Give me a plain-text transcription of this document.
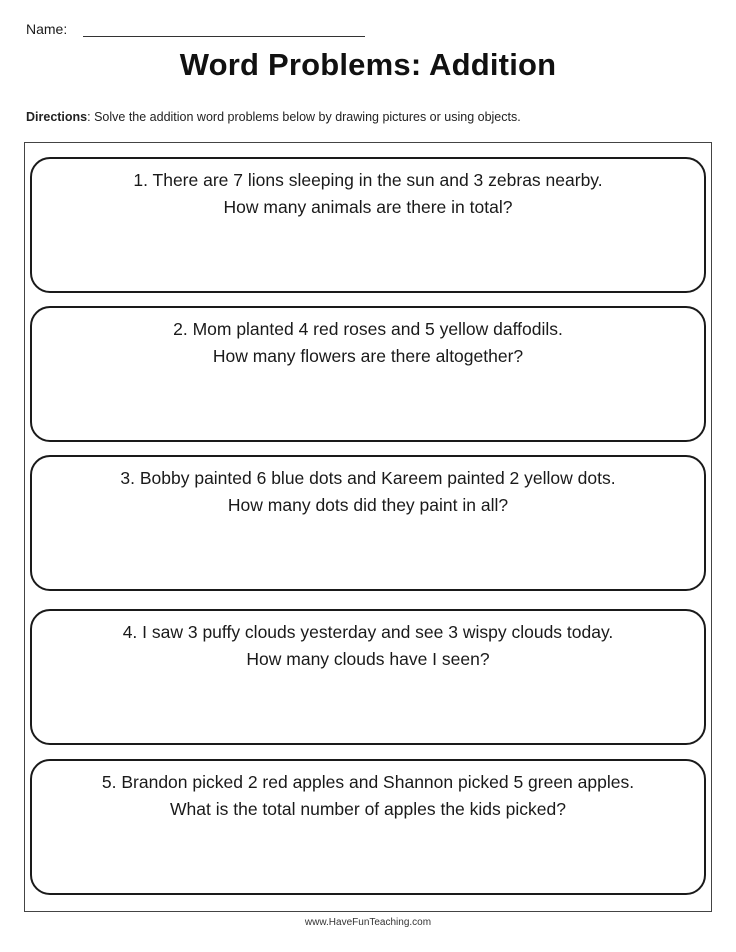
Name:
Word Problems: Addition
Directions: Solve the addition word problems below by drawing pictures or using objects.
1. There are 7 lions sleeping in the sun and 3 zebras nearby.
How many animals are there in total?
2. Mom planted 4 red roses and 5 yellow daffodils.
How many flowers are there altogether?
3. Bobby painted 6 blue dots and Kareem painted 2 yellow dots.
How many dots did they paint in all?
4. I saw 3 puffy clouds yesterday and see 3 wispy clouds today.
How many clouds have I seen?
5. Brandon picked 2 red apples and Shannon picked 5 green apples.
What is the total number of apples the kids picked?
www.HaveFunTeaching.com
